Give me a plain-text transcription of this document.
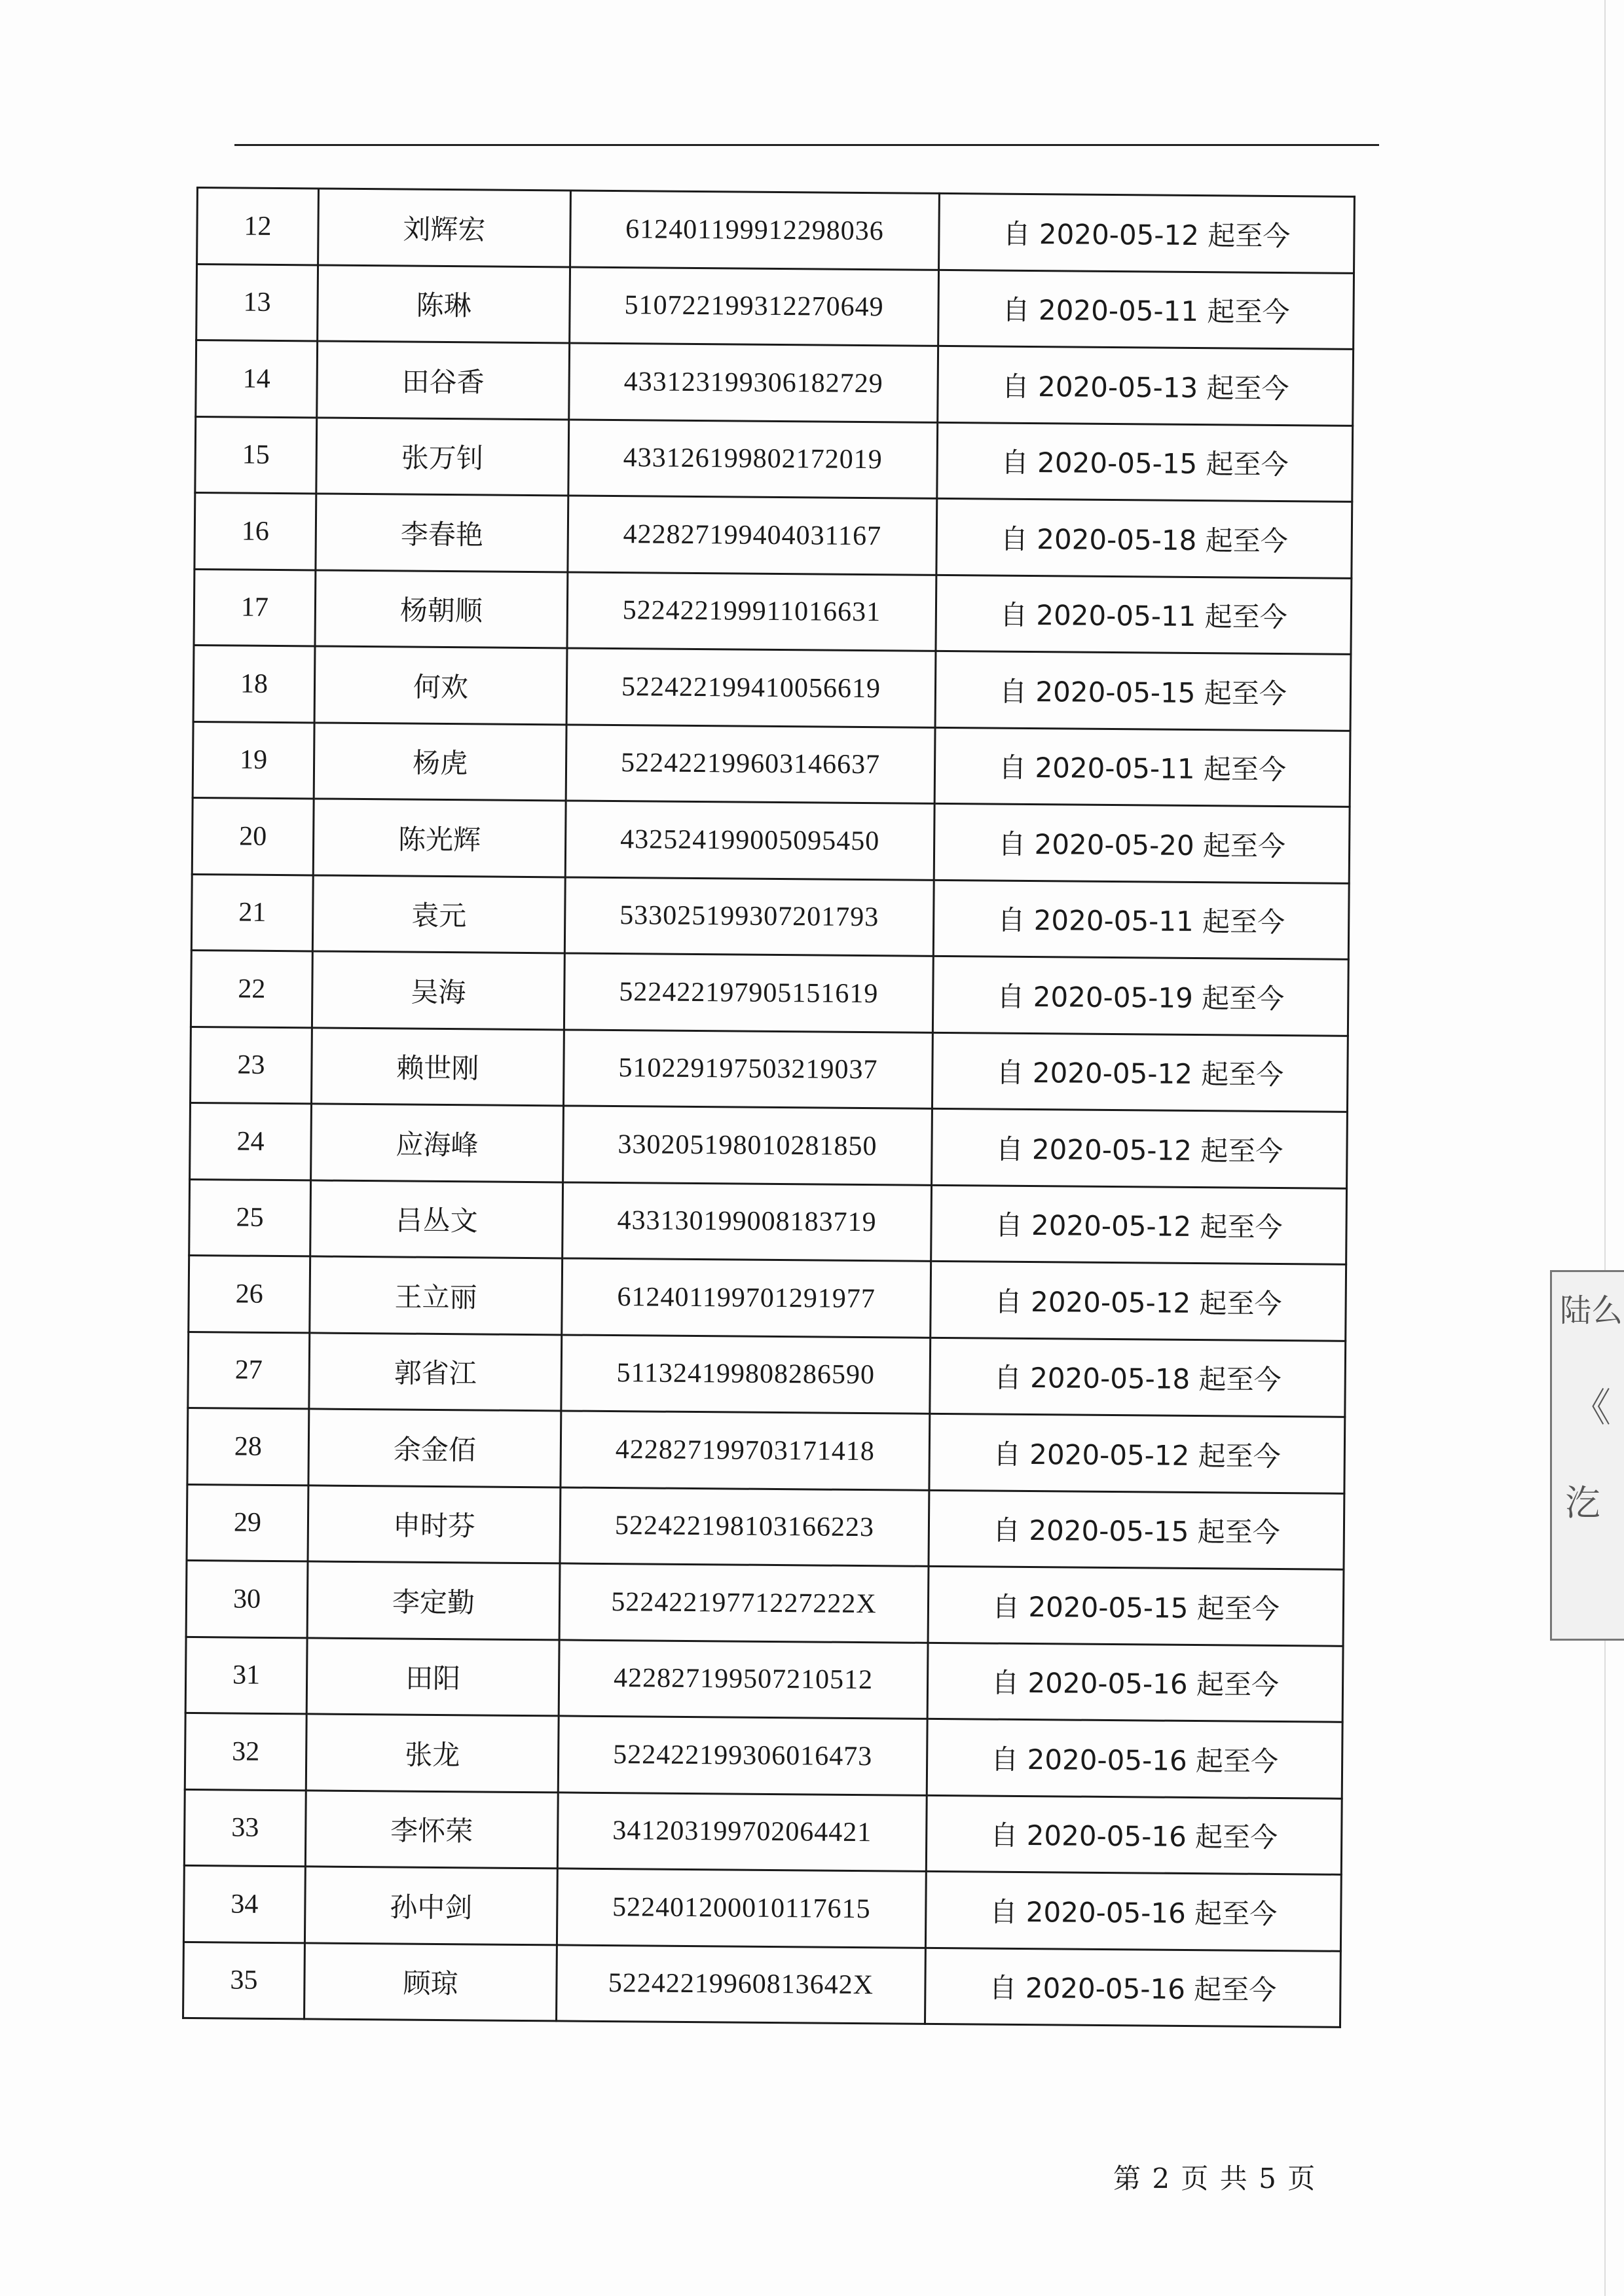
12	刘辉宏	612401199912298036	自 2020-05-12 起至今
13	陈琳	510722199312270649	自 2020-05-11 起至今
14	田谷香	433123199306182729	自 2020-05-13 起至今
15	张万钊	433126199802172019	自 2020-05-15 起至今
16	李春艳	422827199404031167	自 2020-05-18 起至今
17	杨朝顺	522422199911016631	自 2020-05-11 起至今
18	何欢	522422199410056619	自 2020-05-15 起至今
19	杨虎	522422199603146637	自 2020-05-11 起至今
20	陈光辉	432524199005095450	自 2020-05-20 起至今
21	袁元	533025199307201793	自 2020-05-11 起至今
22	吴海	522422197905151619	自 2020-05-19 起至今
23	赖世刚	510229197503219037	自 2020-05-12 起至今
24	应海峰	330205198010281850	自 2020-05-12 起至今
25	吕丛文	433130199008183719	自 2020-05-12 起至今
26	王立丽	612401199701291977	自 2020-05-12 起至今
27	郭省江	511324199808286590	自 2020-05-18 起至今
28	余金佰	422827199703171418	自 2020-05-12 起至今
29	申时芬	522422198103166223	自 2020-05-15 起至今
30	李定勤	52242219771227222X	自 2020-05-15 起至今
31	田阳	422827199507210512	自 2020-05-16 起至今
32	张龙	522422199306016473	自 2020-05-16 起至今
33	李怀荣	341203199702064421	自 2020-05-16 起至今
34	孙中剑	522401200010117615	自 2020-05-16 起至今
35	顾琼	52242219960813642X	自 2020-05-16 起至今
第 2 页 共 5 页
陆么
《
汔
